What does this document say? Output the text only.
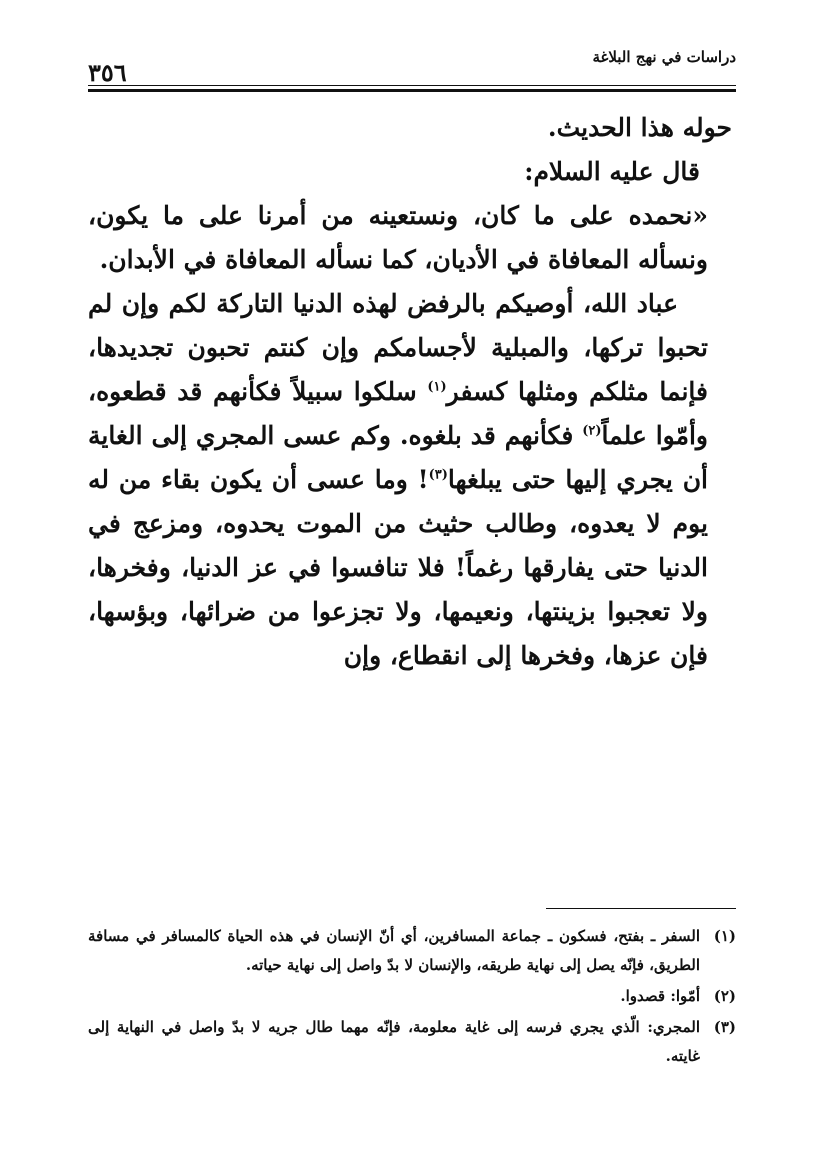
دراسات في نهج البلاغة
٣٥٦

حوله هذا الحديث.

قال عليه السلام:

«نحمده على ما كان، ونستعينه من أمرنا على ما يكون، ونسأله المعافاة في الأديان، كما نسأله المعافاة في الأبدان.

عباد الله، أوصيكم بالرفض لهذه الدنيا التاركة لكم وإن لم تحبوا تركها، والمبلية لأجسامكم وإن كنتم تحبون تجديدها، فإنما مثلكم ومثلها كسفر$^{(١)}$ سلكوا سبيلاً فكأنهم قد قطعوه، وأمّوا علماً$^{(٢)}$ فكأنهم قد بلغوه. وكم عسى المجري إلى الغاية أن يجري إليها حتى يبلغها$^{(٣)}$! وما عسى أن يكون بقاء من له يوم لا يعدوه، وطالب حثيث من الموت يحدوه، ومزعج في الدنيا حتى يفارقها رغماً! فلا تنافسوا في عز الدنيا، وفخرها، ولا تعجبوا بزينتها، ونعيمها، ولا تجزعوا من ضرائها، وبؤسها، فإن عزها، وفخرها إلى انقطاع، وإن

(١)
السفر ـ بفتح، فسكون ـ جماعة المسافرين، أي أنّ الإنسان في هذه الحياة كالمسافر في مسافة الطريق، فإنّه يصل إلى نهاية طريقه، والإنسان لا بدّ واصل إلى نهاية حياته.
(٢)
أمّوا: قصدوا.
(٣)
المجري: الّذي يجري فرسه إلى غاية معلومة، فإنّه مهما طال جريه لا بدّ واصل في النهاية إلى غايته.
